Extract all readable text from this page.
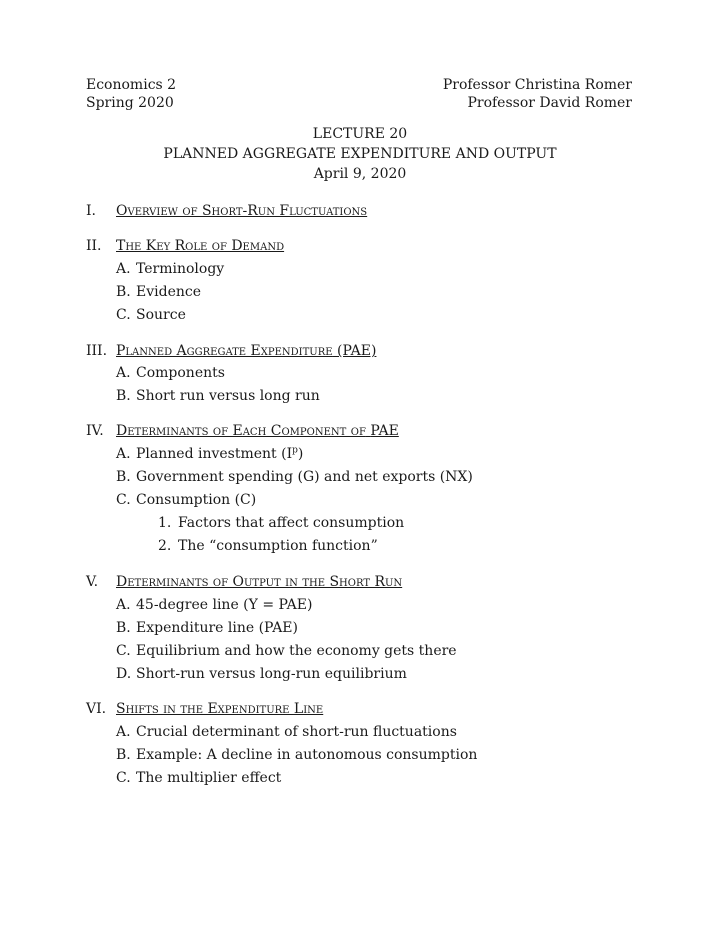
Economics 2	Professor Christina Romer
Spring 2020	Professor David Romer
LECTURE 20
PLANNED AGGREGATE EXPENDITURE AND OUTPUT
April 9, 2020
I. Overview of Short-Run Fluctuations
II. The Key Role of Demand
A. Terminology
B. Evidence
C. Source
III. Planned Aggregate Expenditure (PAE)
A. Components
B. Short run versus long run
IV. Determinants of Each Component of PAE
A. Planned investment $(I^p)$
B. Government spending (G) and net exports (NX)
C. Consumption (C)
1. Factors that affect consumption
2. The “consumption function”
V. Determinants of Output in the Short Run
A. 45-degree line (Y = PAE)
B. Expenditure line (PAE)
C. Equilibrium and how the economy gets there
D. Short-run versus long-run equilibrium
VI. Shifts in the Expenditure Line
A. Crucial determinant of short-run fluctuations
B. Example: A decline in autonomous consumption
C. The multiplier effect
